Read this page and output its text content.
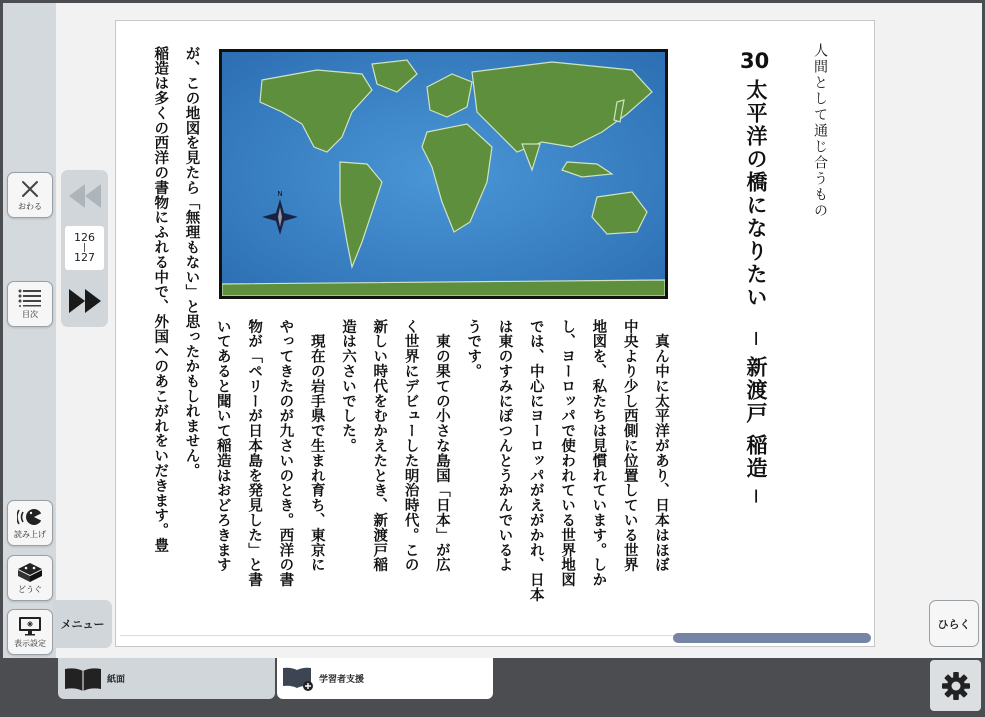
おわる
目次
126
|
127
読み上げ
どうぐ
表示設定
メニュー
人間として通じ合うもの
30
太平洋の橋になりたい　─ 新渡戸 稲造 ─
N
　真ん中に太平洋があり、日本はほぼ
中央より少し西側に位置している世界
地図を、私たちは見慣れています。しか
し、ヨーロッパで使われている世界地図
では、中心にヨーロッパがえがかれ、日本
は東のすみにぽつんとうかんでいるよ
うです。
　東の果ての小さな島国「日本」が広
く世界にデビューした明治時代。この
新しい時代をむかえたとき、新渡戸稲
造は六さいでした。
　現在の岩手県で生まれ育ち、東京に
やってきたのが九さいのとき。西洋の書
物が「ペリーが日本島を発見した」と書
いてあると聞いて稲造はおどろきます
が、この地図を見たら「無理もない」と思ったかもしれません。
稲造は多くの西洋の書物にふれる中で、外国へのあこがれをいだきます。豊
ひらく
紙面	学習者支援
